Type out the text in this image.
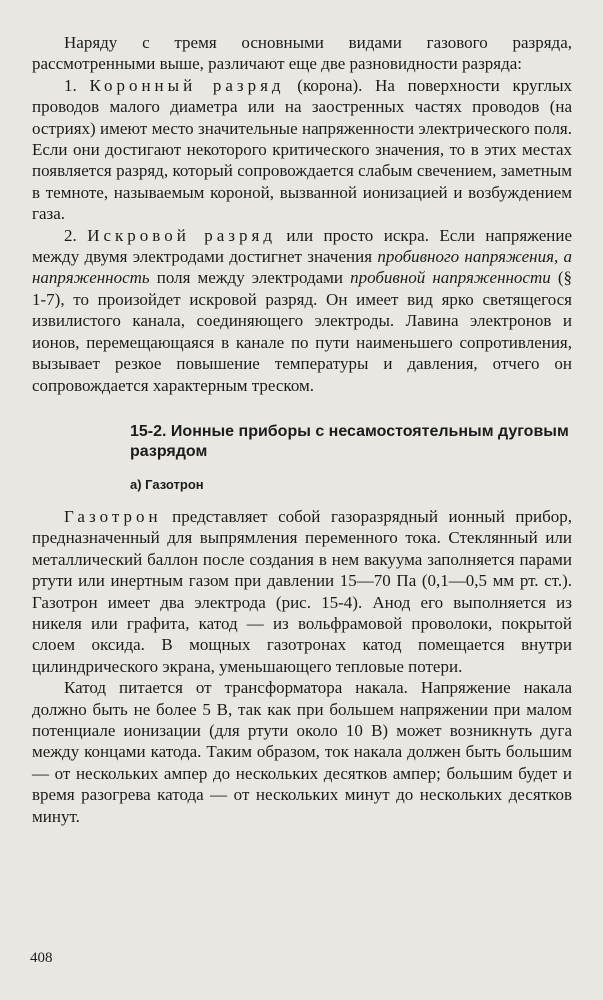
Наряду с тремя основными видами газового разряда, рассмотренными выше, различают еще две разновидности разряда:

1. Коронный разряд (корона). На поверхности круглых проводов малого диаметра или на заостренных частях проводов (на остриях) имеют место значительные напряженности электрического поля. Если они достигают некоторого критического значения, то в этих местах появляется разряд, который сопровождается слабым свечением, заметным в темноте, называемым короной, вызванной ионизацией и возбуждением газа.

2. Искровой разряд или просто искра. Если напряжение между двумя электродами достигнет значения пробивного напряжения, а напряженность поля между электродами пробивной напряженности (§ 1-7), то произойдет искровой разряд. Он имеет вид ярко светящегося извилистого канала, соединяющего электроды. Лавина электронов и ионов, перемещающаяся в канале по пути наименьшего сопротивления, вызывает резкое повышение температуры и давления, отчего он сопровождается характерным треском.

15-2. Ионные приборы с несамостоятельным дуговым разрядом
а) Газотрон

Газотрон представляет собой газоразрядный ионный прибор, предназначенный для выпрямления переменного тока. Стеклянный или металлический баллон после создания в нем вакуума заполняется парами ртути или инертным газом при давлении 15—70 Па (0,1—0,5 мм рт. ст.). Газотрон имеет два электрода (рис. 15-4). Анод его выполняется из никеля или графита, катод — из вольфрамовой проволоки, покрытой слоем оксида. В мощных газотронах катод помещается внутри цилиндрического экрана, уменьшающего тепловые потери.

Катод питается от трансформатора накала. Напряжение накала должно быть не более 5 В, так как при большем напряжении при малом потенциале ионизации (для ртути около 10 В) может возникнуть дуга между концами катода. Таким образом, ток накала должен быть большим — от нескольких ампер до нескольких десятков ампер; большим будет и время разогрева катода — от нескольких минут до нескольких десятков минут.

408
